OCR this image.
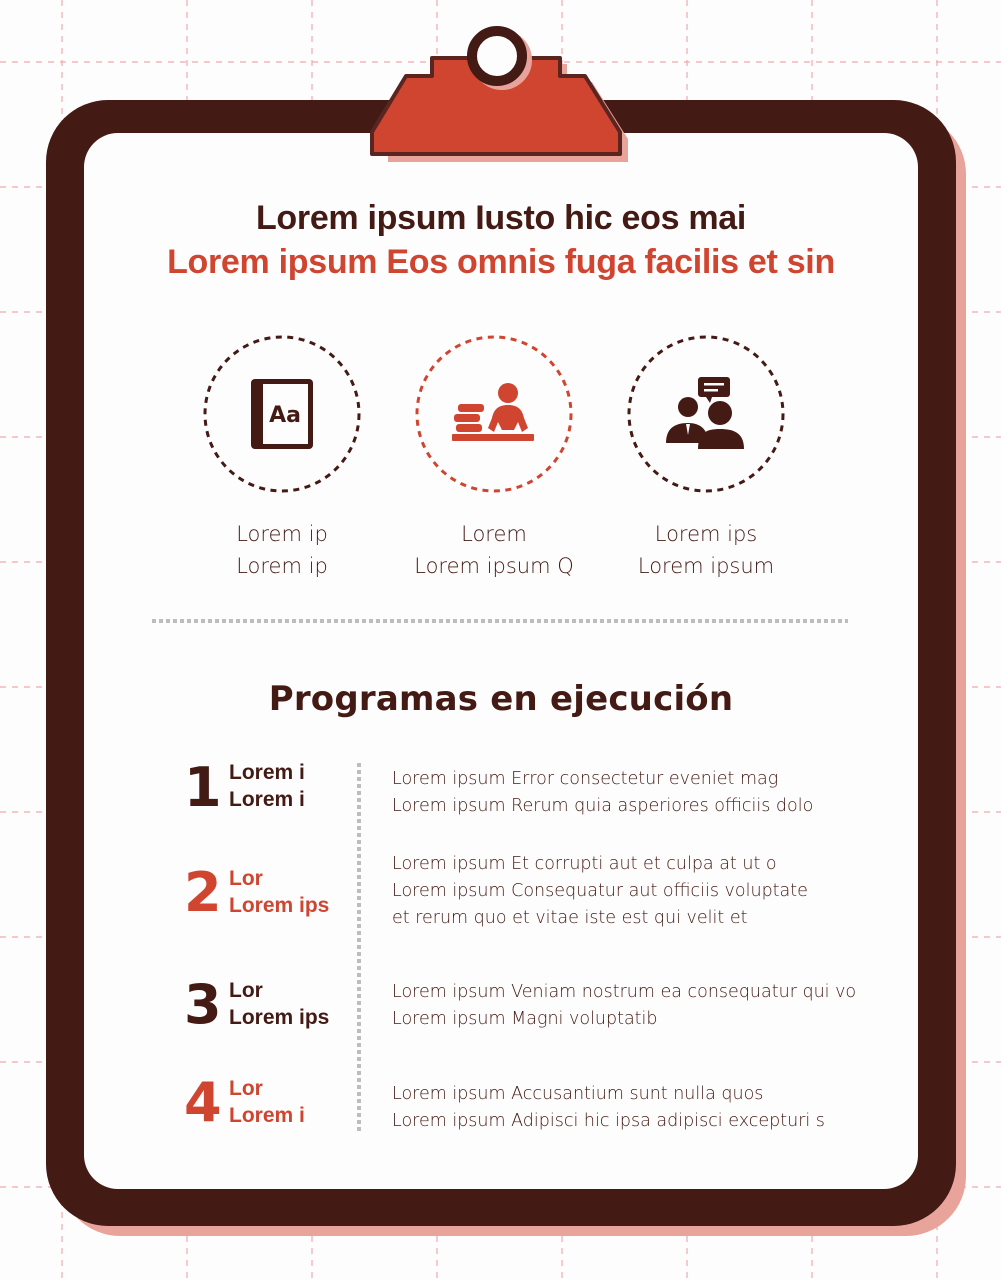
Lorem ipsum Iusto hic eos mai
Lorem ipsum Eos omnis fuga facilis et sin
Aa
Lorem ip
Lorem ip
Lorem
Lorem ipsum Q
Lorem ips
Lorem ipsum
Programas en ejecución
1 Lorem i
Lorem i
Lorem ipsum Error consectetur eveniet mag
Lorem ipsum Rerum quia asperiores officiis dolo
2 Lor
Lorem ips
Lorem ipsum Et corrupti aut et culpa at ut o
Lorem ipsum Consequatur aut officiis voluptate
et rerum quo et vitae iste est qui velit et
3 Lor
Lorem ips
Lorem ipsum Veniam nostrum ea consequatur qui vo
Lorem ipsum Magni voluptatib
4 Lor
Lorem i
Lorem ipsum Accusantium sunt nulla quos
Lorem ipsum Adipisci hic ipsa adipisci excepturi s
